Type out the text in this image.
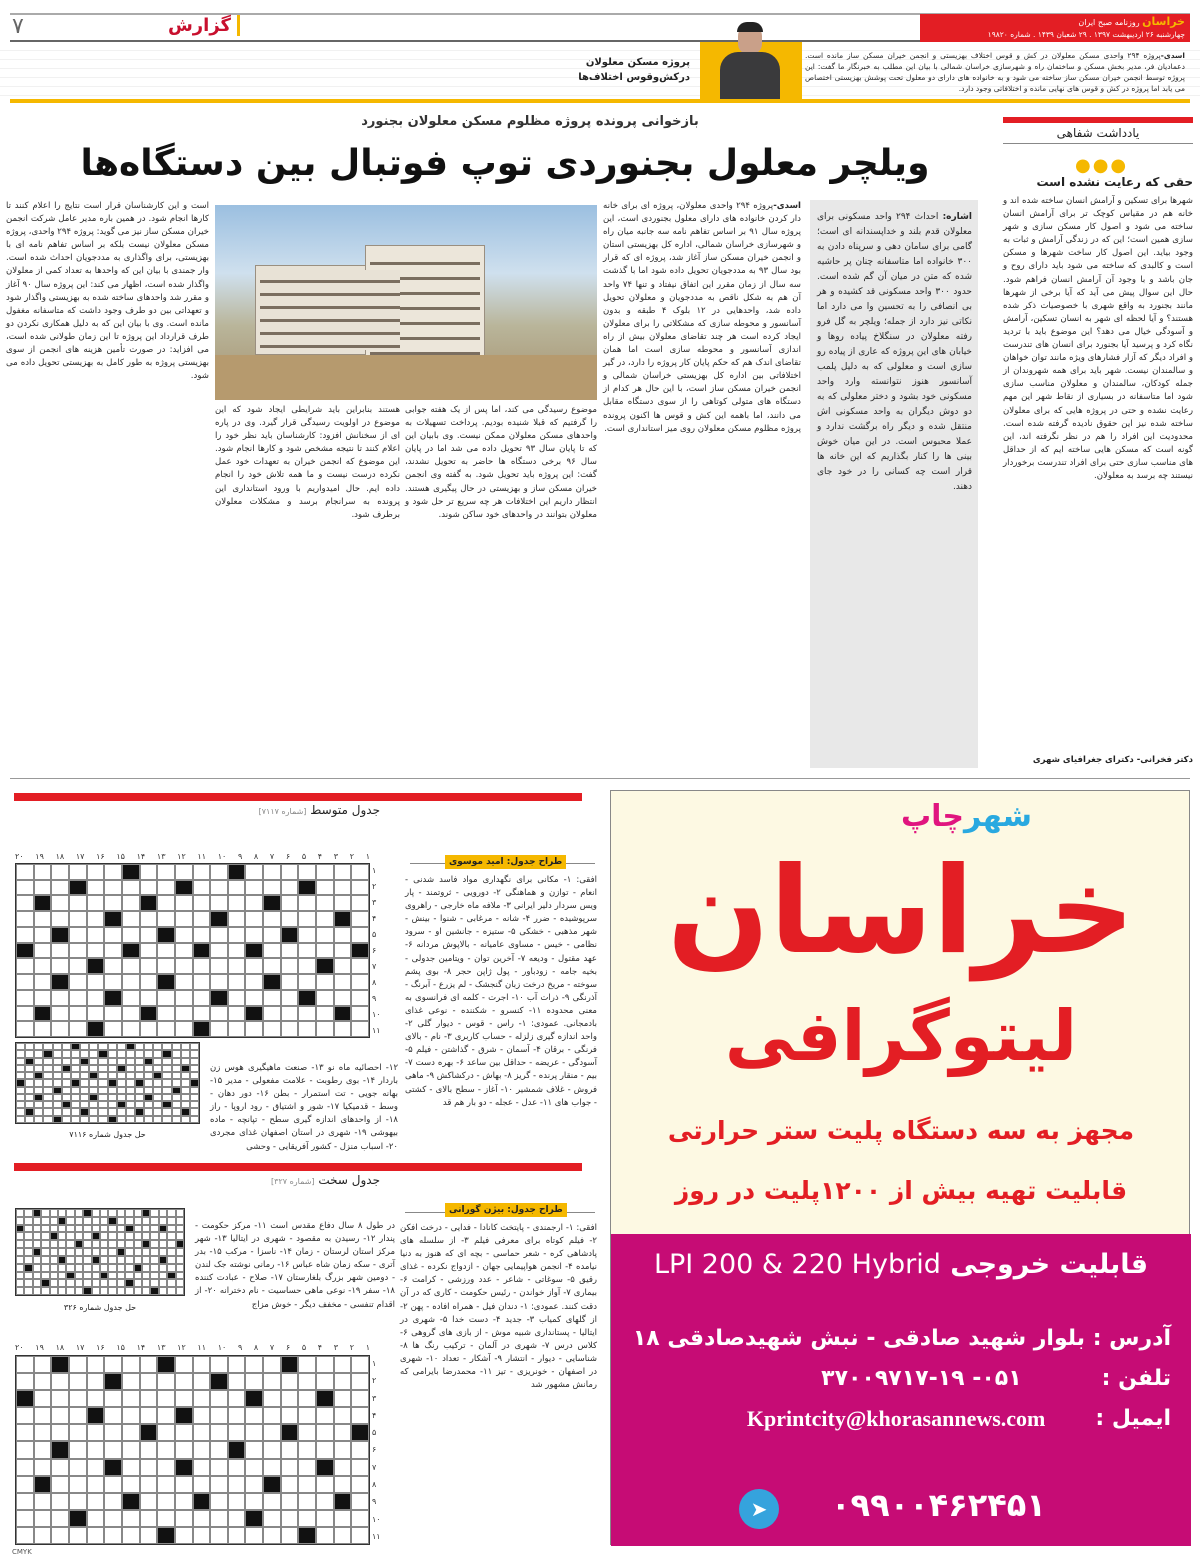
۷	گزارش	خراسان روزنامه صبح ایران
چهارشنبه ۲۶ اردیبهشت ۱۳۹۷ . ۲۹ شعبان ۱۴۳۹ . شماره ۱۹۸۲۰
اسدی-پروژه ۲۹۴ واحدی مسکن معلولان در کش و قوس اختلاف بهزیستی و انجمن خیران مسکن ساز مانده است. دعمادیان فر، مدیر بخش مسکن و ساختمان راه و شهرسازی خراسان شمالی با بیان این مطلب به خبرنگار ما گفت: این پروژه توسط انجمن خیران مسکن ساز ساخته می شود و به خانواده های دارای دو معلول تحت پوشش بهزیستی اختصاص می یابد اما پروژه در کش و قوس های نهایی مانده و اختلافاتی وجود دارد.
پروژه مسکن معلولان
درکش‌وقوس اختلاف‌ها
بازخوانی پرونده پروژه مظلوم مسکن معلولان بجنورد
ویلچر معلول بجنوردی توپ فوتبال بین دستگاه‌ها
یادداشت شفاهی
●●●
حقی که رعایت نشده است
شهرها برای تسکین و آرامش انسان ساخته شده اند و خانه هم در مقیاس کوچک تر برای آرامش انسان ساخته می شود و اصول کار مسکن سازی و شهر سازی همین است؛ این که در زندگی آرامش و ثبات به وجود بیاید. این اصول کار ساخت شهرها و مسکن است و کالبدی که ساخته می شود باید دارای روح و جان باشد و با وجود آن آرامش انسان فراهم شود. حال این سوال پیش می آید که آیا برخی از شهرها مانند بجنورد به واقع شهری با خصوصیات ذکر شده هستند؟ و آیا لحظه ای شهر به انسان تسکین، آرامش و آسودگی خیال می دهد؟ این موضوع باید با تردید نگاه کرد و پرسید آیا بجنورد برای انسان های تندرست و افراد دیگر که آزار فشارهای ویژه مانند توان خواهان و سالمندان نیست. شهر باید برای همه شهروندان از جمله کودکان، سالمندان و معلولان مناسب سازی شود اما متاسفانه در بسیاری از نقاط شهر این مهم رعایت نشده و حتی در پروژه هایی که برای معلولان ساخته شده نیز این حقوق نادیده گرفته شده است. محدودیت این افراد را هم در نظر نگرفته اند، این گونه است که مسکن هایی ساخته ایم که از حداقل های مناسب سازی حتی برای افراد تندرست برخوردار نیستند چه برسد به معلولان.
دکتر فخرانی- دکترای جغرافیای شهری
اشاره: احداث ۲۹۴ واحد مسکونی برای معلولان قدم بلند و خداپسندانه ای است؛ گامی برای سامان دهی و سرپناه دادن به ۳۰۰ خانواده اما متاسفانه چنان پر حاشیه شده که متن در میان آن گم شده است. حدود ۳۰۰ واحد مسکونی قد کشیده و هر بی انصافی را به تحسین وا می دارد اما نکاتی نیز دارد از جمله؛ ویلچر به گل فرو رفته معلولان در سنگلاخ پیاده روها و خیابان های این پروژه که عاری از پیاده رو سازی است و معلولی که به دلیل پلمب آسانسور هنوز نتوانسته وارد واحد مسکونی خود بشود و دختر معلولی که به دو دوش دیگران به واحد مسکونی اش منتقل شده و دیگر راه برگشت ندارد و عملا محبوس است. در این میان خوش بینی ها را کنار بگذاریم که این خانه ها قرار است چه کسانی را در خود جای دهند.
اسدی-پروژه ۲۹۴ واحدی معلولان، پروژه ای برای خانه دار کردن خانواده های دارای معلول بجنوردی است، این پروژه سال ۹۱ بر اساس تفاهم نامه سه جانبه میان راه و شهرسازی خراسان شمالی، اداره کل بهزیستی استان و انجمن خیران مسکن ساز آغاز شد، پروژه ای که قرار بود سال ۹۳ به مددجویان تحویل داده شود اما با گذشت سه سال از زمان مقرر این اتفاق نیفتاد و تنها ۷۴ واحد آن هم به شکل ناقص به مددجویان و معلولان تحویل داده شد، واحدهایی در ۱۲ بلوک ۴ طبقه و بدون آسانسور و محوطه سازی که مشکلاتی را برای معلولان ایجاد کرده است هر چند تقاضای معلولان بیش از راه اندازی آسانسور و محوطه سازی است اما همان تقاضای اندک هم که حکم پایان کار پروژه را دارد، در گیر اختلافاتی بین اداره کل بهزیستی خراسان شمالی و انجمن خیران مسکن ساز است، با این حال هر کدام از دستگاه های متولی کوتاهی را از سوی دستگاه مقابل می دانند، اما باهمه این کش و قوس ها اکنون پرونده پروژه مظلوم مسکن معلولان روی میز استانداری است.
موضوع رسیدگی می کند، اما پس از یک هفته جوابی را گرفتیم که قبلا شنیده بودیم. پرداخت تسهیلات به واحدهای مسکن معلولان ممکن نیست. وی بابیان این که تا پایان سال ۹۳ تحویل داده می شد اما در پایان سال ۹۶ برخی دستگاه ها حاضر به تحویل نشدند، گفت: این پروژه باید تحویل شود. به گفته وی انجمن خیران مسکن ساز و بهزیستی در حال پیگیری هستند. انتظار داریم این اختلافات هر چه سریع تر حل شود و معلولان بتوانند در واحدهای خود ساکن شوند.
هستند بنابراین باید شرایطی ایجاد شود که این موضوع در اولویت رسیدگی قرار گیرد. وی در پاره ای از سخنانش افزود: کارشناسان باید نظر خود را اعلام کنند تا نتیجه مشخص شود و کارها انجام شود. این موضوع که انجمن خیران به تعهدات خود عمل نکرده درست نیست و ما همه تلاش خود را انجام داده ایم. حال امیدواریم با ورود استانداری این پرونده به سرانجام برسد و مشکلات معلولان برطرف شود.
است و این کارشناسان قرار است نتایج را اعلام کنند تا کارها انجام شود. در همین باره مدیر عامل شرکت انجمن خیران مسکن ساز نیز می گوید: پروژه ۲۹۴ واحدی، پروژه مسکن معلولان نیست بلکه بر اساس تفاهم نامه ای با بهزیستی، برای واگذاری به مددجویان احداث شده است. وار جمندی با بیان این که واحدها به تعداد کمی از معلولان واگذار شده است، اظهار می کند: این پروژه سال ۹۰ آغاز و مقرر شد واحدهای ساخته شده به بهزیستی واگذار شود و تعهداتی بین دو طرف وجود داشت که متاسفانه مغفول مانده است. وی با بیان این که به دلیل همکاری نکردن دو طرف قرارداد این پروژه تا این زمان طولانی شده است، می افزاید: در صورت تأمین هزینه های انجمن از سوی بهزیستی پروژه به طور کامل به بهزیستی تحویل داده می شود.
جدول متوسط [شماره ۷۱۱۷]
طراح جدول: امید موسوی
افقی: ۱- مکانی برای نگهداری مواد فاسد شدنی - انعام - توازن و هماهنگی ۲- دورویی - ثروتمند - پار ویس سردار دلیر ایرانی ۳- ملافه ماه خارجی - راهروی سرپوشیده - ضرر ۴- شانه - مرغابی - شنوا - بینش - شهر مذهبی - خشکی ۵- ستیزه - جانشین او - سرود نظامی - خیس - مساوی عامیانه - بالاپوش مردانه ۶- عهد مقتول - ودیعه ۷- آخرین توان - ویتامین جدولی - بخیه جامه - زودباور - پول ژاپن حجر ۸- بوی پشم سوخته - مریخ درخت زبان گنجشک - لم یزرع - آبرنگ - آذرنگی ۹- ذرات آب ۱۰- اجرت - کلمه ای فرانسوی به معنی محدوده ۱۱- کنسرو - شکننده - نوعی غذای بادمجانی. عمودی: ۱- راس - قوس - دیوار گلی ۲- واحد اندازه گیری زلزله - حساب کاربری ۳- نام - بالای فرنگی - برقان ۴- آسمان - شرق - گذاشتن - فیلم ۵- آسودگی - عریضه - حداقل بین ساعد ۶- بهره دست ۷- بیم - منقار پرنده - گریز ۸- بهاش - درکشاکش ۹- ماهی فروش - غلاف شمشیر ۱۰- آغاز - سطح بالای - کشتی - جواب های ۱۱- عدل - عجله - دو بار هم قد
۱
۲
۳
۴
۵
۶
۷
۸
۹
۱۰
۱۱
۱۲
۱۳
۱۴
۱۵
۱۶
۱۷
۱۸
۱۹
۲۰
۱
۲
۳
۴
۵
۶
۷
۸
۹
۱۰
۱۱
حل جدول شماره ۷۱۱۶
۱۲- احصائیه ماه نو ۱۳- صنعت ماهیگیری هوس زن باردار ۱۴- بوی رطوبت - علامت مفعولی - مدیر ۱۵- بهانه جویی - تت استمرار - بطن ۱۶- دور دهان - وسط - قدمیکیا ۱۷- شور و اشتیاق - رود اروپا - راز ۱۸- از واحدهای اندازه گیری سطح - تپانچه - ماده بیهوشی ۱۹- شهری در استان اصفهان غذای مجردی ۲۰- اسباب منزل - کشور آفریقایی - وحشی
جدول سخت [شماره ۳۲۷]
طراح جدول: بیژن گورانی
افقی: ۱- ارجمندی - پایتخت کانادا - فدایی - درخت افکن ۲- فیلم کوتاه برای معرفی فیلم ۳- از سلسله های پادشاهی کره - شعر حماسی - بچه ای که هنوز به دنیا نیامده ۴- انجمن هواپیمایی جهان - ازدواج نکرده - غذای رقیق ۵- سوغاتی - شاعر - عدد ورزشی - کرامت ۶- بیماری ۷- آواز خواندن - رئیس حکومت - کاری که در آن دقت کنند. عمودی: ۱- دندان فیل - همراه افاده - پهن ۲- از گلهای کمیاب ۳- جدید ۴- دست خدا ۵- شهری در ایتالیا - پستانداری شبیه موش - از بازی های گروهی ۶- کلاس درس ۷- شهری در آلمان - ترکیب رنگ ها ۸- شناسایی - دیوار - انتشار ۹- آشکار - تعداد ۱۰- شهری در اصفهان - خونریزی - تیز ۱۱- محمدرضا بایرامی که رمانش مشهور شد
حل جدول شماره ۳۲۶
در طول ۸ سال دفاع مقدس است ۱۱- مرکز حکومت - پندار ۱۲- رسیدن به مقصود - شهری در ایتالیا ۱۳- شهر مرکز استان لرستان - زمان ۱۴- ناسزا - مرکب ۱۵- بدر آتری - سکه زمان شاه عباس ۱۶- رمانی نوشته جک لندن - دومین شهر بزرگ بلغارستان ۱۷- صلاح - عبادت کننده ۱۸- سفر ۱۹- نوعی ماهی حساسیت - نام دخترانه ۲۰- از اقدام تنفسی - مخفف دیگر - خوش مزاج
۱
۲
۳
۴
۵
۶
۷
۸
۹
۱۰
۱۱
۱۲
۱۳
۱۴
۱۵
۱۶
۱۷
۱۸
۱۹
۲۰
۱
۲
۳
۴
۵
۶
۷
۸
۹
۱۰
۱۱
شهرچاپ
خراسان
لیتوگرافی
مجهز به سه دستگاه پلیت ستر حرارتی
قابلیت تهیه بیش از ۱۲۰۰پلیت در روز
قابلیت خروجی LPI 200 & 220 Hybrid
آدرس : بلوار شهید صادقی - نبش شهیدصادقی ۱۸
تلفن :
۰۵۱- ۳۷۰۰۹۷۱۷-۱۹
ایمیل :
Kprintcity@khorasannews.com
➤	۰۹۹۰۰۴۶۲۴۵۱
CMYK
